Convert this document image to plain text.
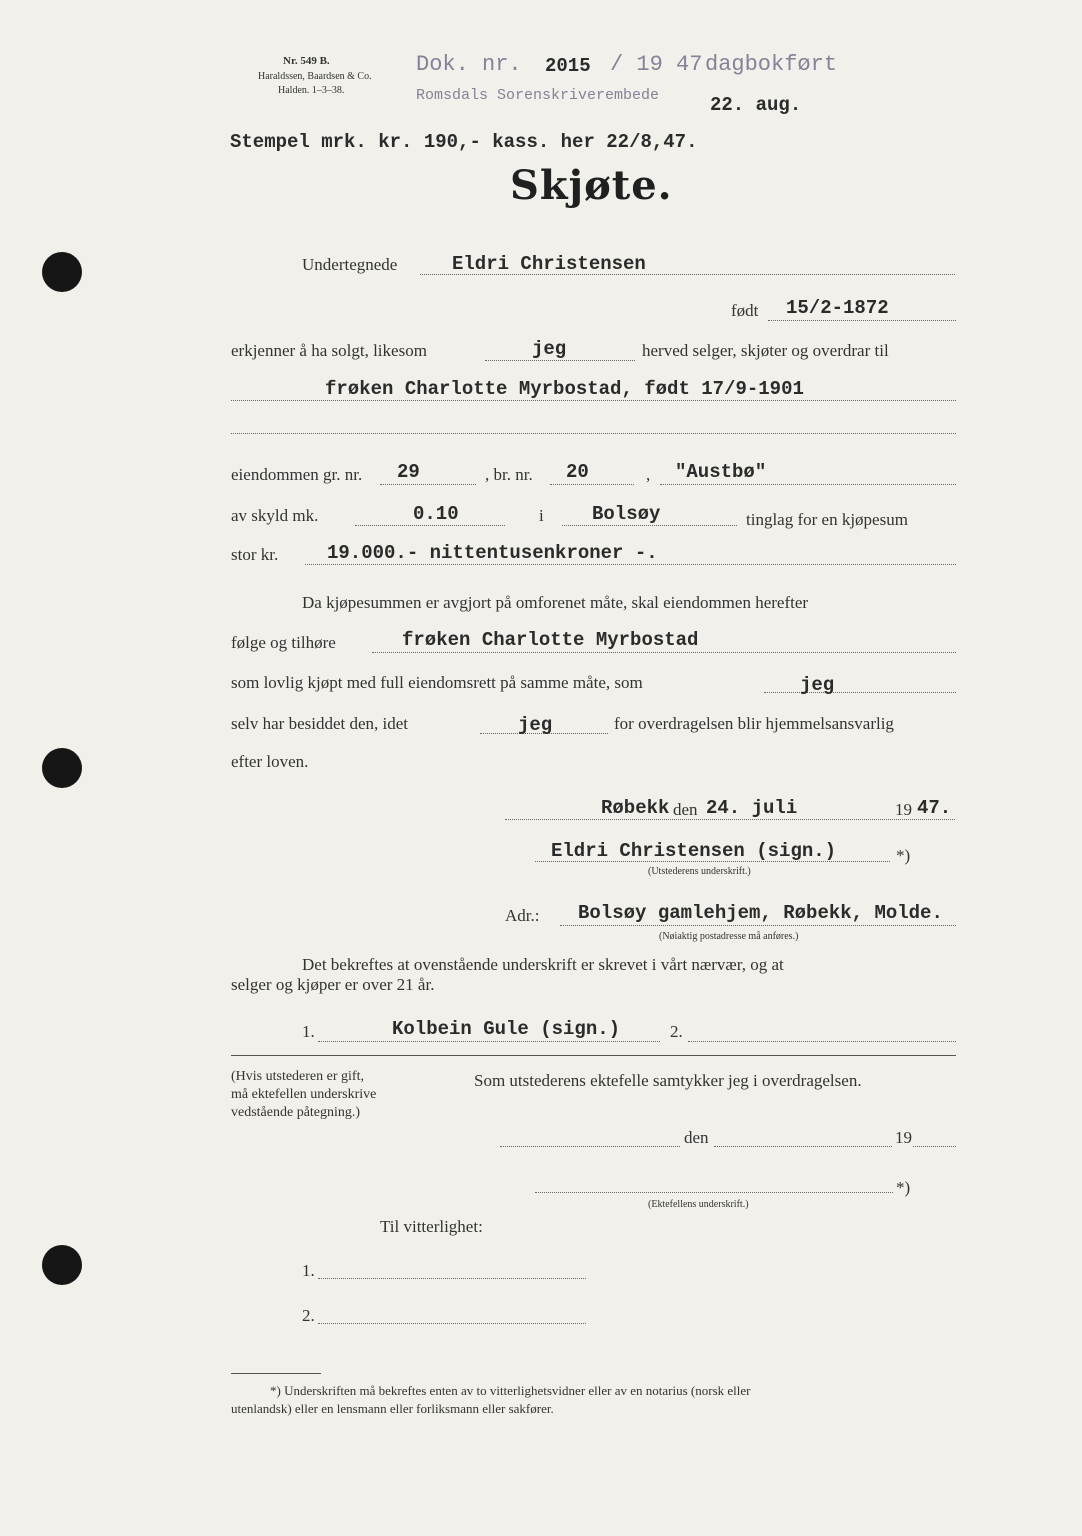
Nr. 549 B.
Haraldssen, Baardsen & Co.
Halden. 1–3–38.
Dok. nr. 2015 / 19 47 dagbokført
Romsdals Sorenskriverembede	22. aug.
Stempel mrk. kr. 190,- kass. her 22/8,47.
Skjøte.
Undertegnede	Eldri Christensen
født 15/2-1872
erkjenner å ha solgt, likesom	jeg	herved selger, skjøter og overdrar til
frøken Charlotte Myrbostad, født 17/9-1901
eiendommen gr. nr. 29	, br. nr. 20	, "Austbø"
av skyld mk.	0.10	i	Bolsøy	tinglag for en kjøpesum
stor kr.	19.000.- nittentusenkroner -.
Da kjøpesummen er avgjort på omforenet måte, skal eiendommen herefter
følge og tilhøre	frøken Charlotte Myrbostad
som lovlig kjøpt med full eiendomsrett på samme måte, som	jeg
selv har besiddet den, idet	jeg	for overdragelsen blir hjemmelsansvarlig
efter loven.
Røbekk den 24. juli	19 47.
Eldri Christensen (sign.)	*)
(Utstederens underskrift.)
Adr.: Bolsøy gamlehjem, Røbekk, Molde.
(Nøiaktig postadresse må anføres.)
Det bekreftes at ovenstående underskrift er skrevet i vårt nærvær, og at
selger og kjøper er over 21 år.
1.	Kolbein Gule (sign.)	2.
(Hvis utstederen er gift,
må ektefellen underskrive
vedstående påtegning.)
Som utstederens ektefelle samtykker jeg i overdragelsen.
den	19
*)
(Ektefellens underskrift.)
Til vitterlighet:
1.
2.
*) Underskriften må bekreftes enten av to vitterlighetsvidner eller av en notarius (norsk eller
utenlandsk) eller en lensmann eller forliksmann eller sakfører.
